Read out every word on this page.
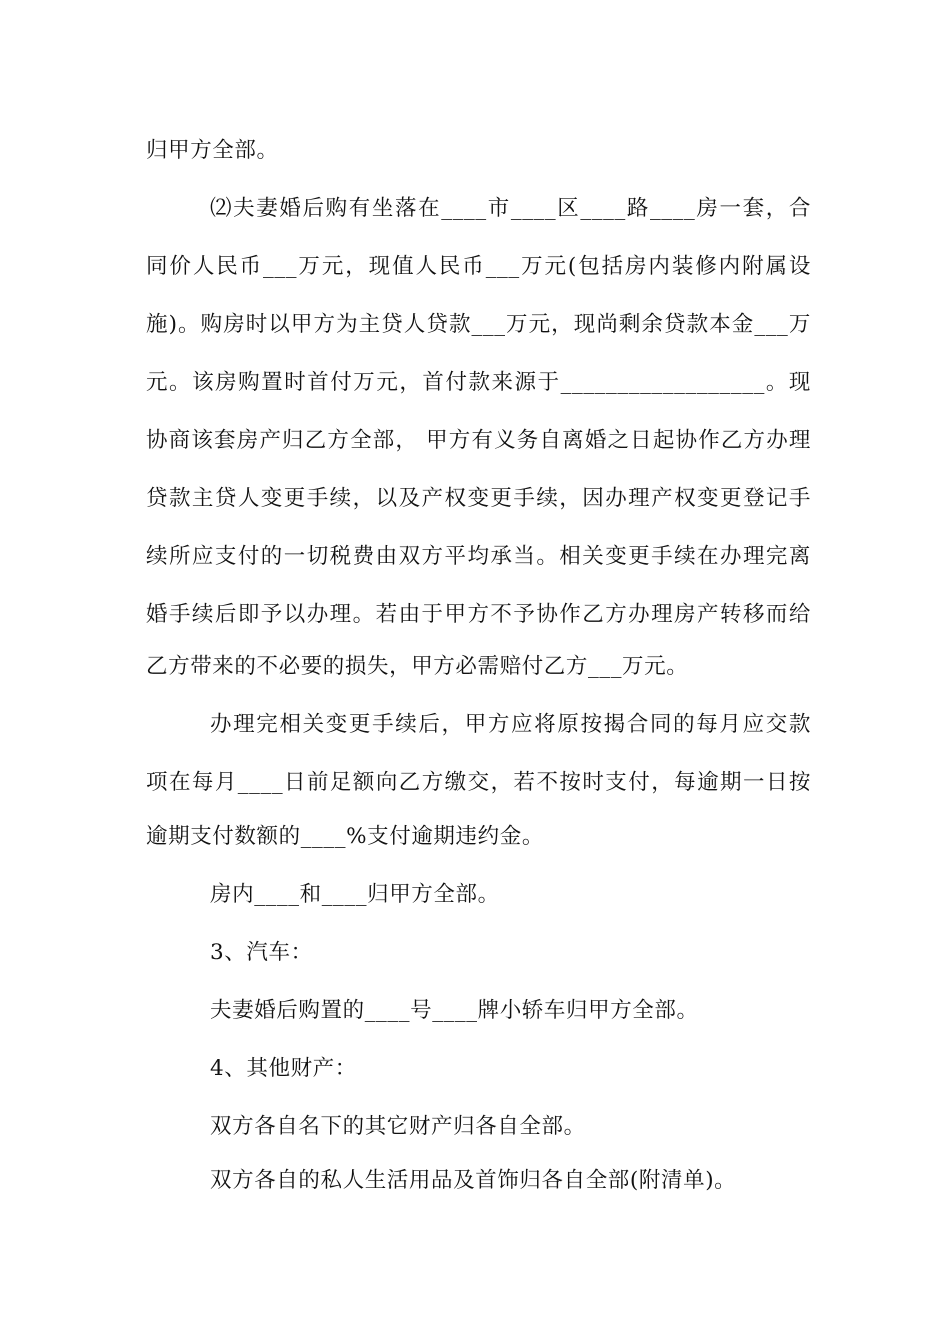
归甲方全部。
⑵夫妻婚后购有坐落在____市____区____路____房一套，合
同价人民币___万元，现值人民币___万元(包括房内装修内附属设
施)。购房时以甲方为主贷人贷款___万元，现尚剩余贷款本金___万
元。该房购置时首付万元，首付款来源于__________________。现
协商该套房产归乙方全部， 甲方有义务自离婚之日起协作乙方办理
贷款主贷人变更手续，以及产权变更手续，因办理产权变更登记手
续所应支付的一切税费由双方平均承当。相关变更手续在办理完离
婚手续后即予以办理。若由于甲方不予协作乙方办理房产转移而给
乙方带来的不必要的损失，甲方必需赔付乙方___万元。
办理完相关变更手续后，甲方应将原按揭合同的每月应交款
项在每月____日前足额向乙方缴交，若不按时支付，每逾期一日按
逾期支付数额的____%支付逾期违约金。
房内____和____归甲方全部。
3、汽车：
夫妻婚后购置的____号____牌小轿车归甲方全部。
4、其他财产：
双方各自名下的其它财产归各自全部。
双方各自的私人生活用品及首饰归各自全部(附清单)。
